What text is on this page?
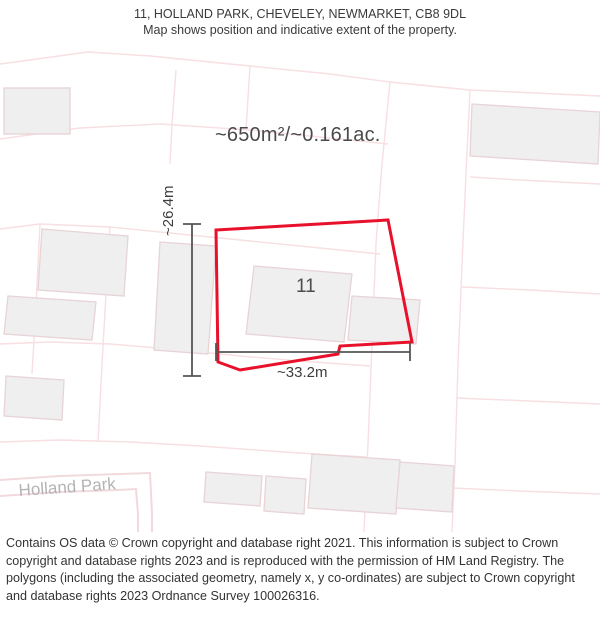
11, HOLLAND PARK, CHEVELEY, NEWMARKET, CB8 9DL
Map shows position and indicative extent of the property.
~650m²/~0.161ac.
11
~26.4m
~33.2m
Holland Park

Contains OS data © Crown copyright and database right 2021. This information is subject to Crown copyright and database rights 2023 and is reproduced with the permission of HM Land Registry. The polygons (including the associated geometry, namely x, y co-ordinates) are subject to Crown copyright and database rights 2023 Ordnance Survey 100026316.
